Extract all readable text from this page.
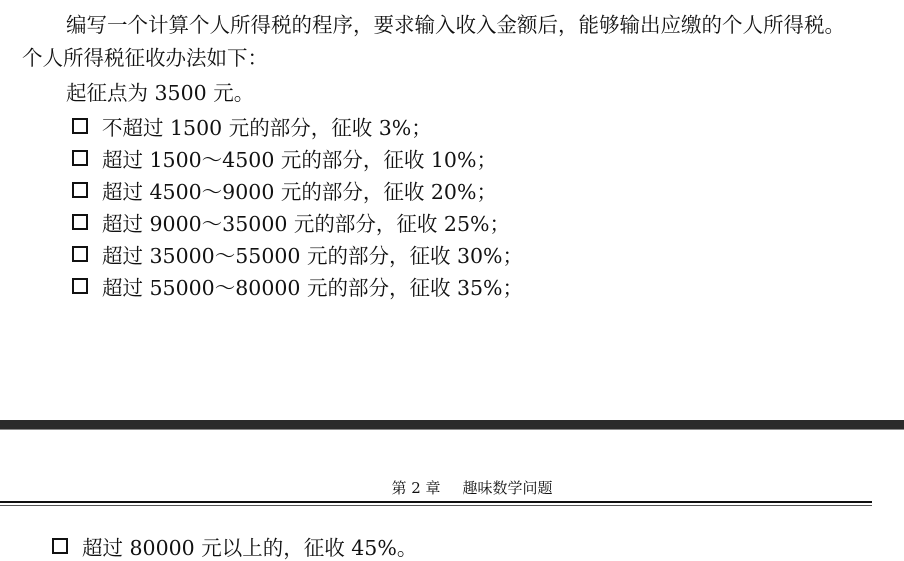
编写一个计算个人所得税的程序，要求输入收入金额后，能够输出应缴的个人所得税。
个人所得税征收办法如下：
起征点为 3500 元。
不超过 1500 元的部分，征收 3%；
超过 1500～4500 元的部分，征收 10%；
超过 4500～9000 元的部分，征收 20%；
超过 9000～35000 元的部分，征收 25%；
超过 35000～55000 元的部分，征收 30%；
超过 55000～80000 元的部分，征收 35%；
第 2 章 趣味数学问题
超过 80000 元以上的，征收 45%。
